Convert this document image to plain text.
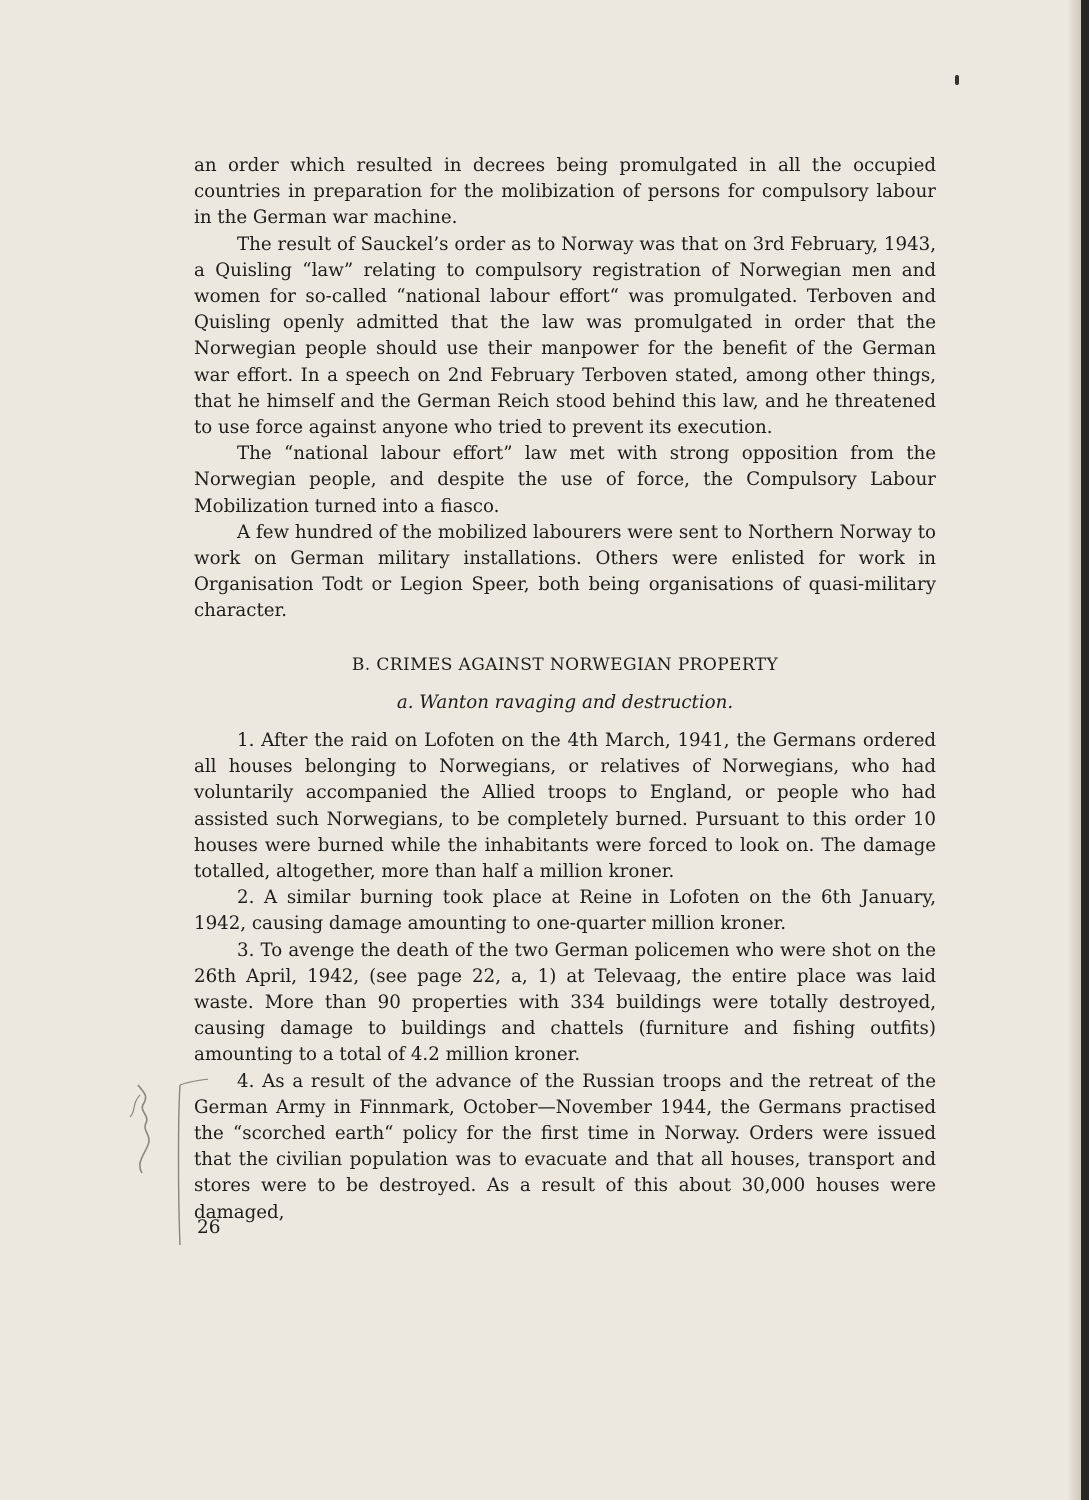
an order which resulted in decrees being promulgated in all the occupied countries in preparation for the molibization of persons for compulsory labour in the German war machine.

The result of Sauckel’s order as to Norway was that on 3rd February, 1943, a Quisling “law” relating to compulsory registration of Norwegian men and women for so-called “national labour effort“ was promulgated. Terboven and Quisling openly admitted that the law was promulgated in order that the Norwegian people should use their manpower for the benefit of the German war effort. In a speech on 2nd February Terboven stated, among other things, that he himself and the German Reich stood behind this law, and he threatened to use force against anyone who tried to prevent its execution.

The “national labour effort” law met with strong opposition from the Norwegian people, and despite the use of force, the Compulsory Labour Mobilization turned into a fiasco.

A few hundred of the mobilized labourers were sent to Northern Norway to work on German military installations. Others were enlisted for work in Organisation Todt or Legion Speer, both being organisations of quasi-military character.

B. CRIMES AGAINST NORWEGIAN PROPERTY
a. Wanton ravaging and destruction.

1. After the raid on Lofoten on the 4th March, 1941, the Germans ordered all houses belonging to Norwegians, or relatives of Norwegians, who had voluntarily accompanied the Allied troops to England, or people who had assisted such Norwegians, to be completely burned. Pursuant to this order 10 houses were burned while the inhabitants were forced to look on. The damage totalled, altogether, more than half a million kroner.

2. A similar burning took place at Reine in Lofoten on the 6th January, 1942, causing damage amounting to one-quarter million kroner.

3. To avenge the death of the two German policemen who were shot on the 26th April, 1942, (see page 22, a, 1) at Televaag, the entire place was laid waste. More than 90 properties with 334 buildings were totally destroyed, causing damage to buildings and chattels (furniture and fishing outfits) amounting to a total of 4.2 million kroner.

4. As a result of the advance of the Russian troops and the retreat of the German Army in Finnmark, October—November 1944, the Germans practised the “scorched earth“ policy for the first time in Norway. Orders were issued that the civilian population was to evacuate and that all houses, transport and stores were to be destroyed. As a result of this about 30,000 houses were damaged,

26
